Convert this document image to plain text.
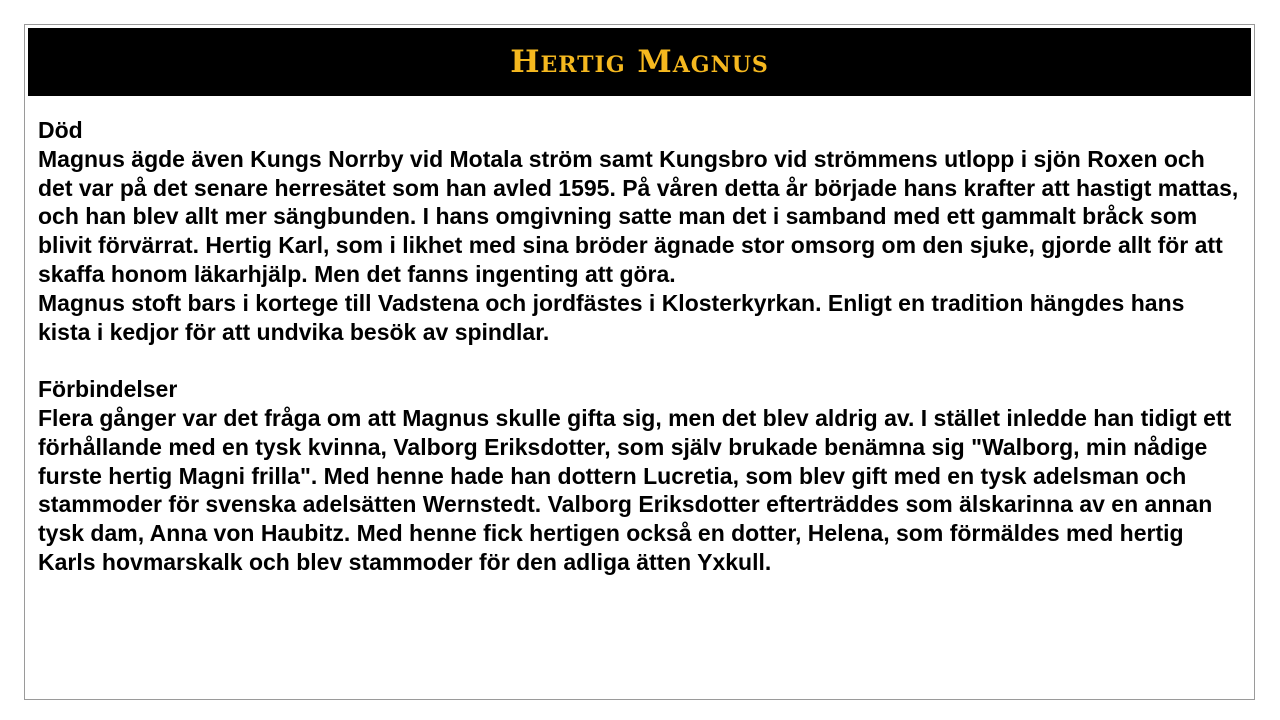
Hertig Magnus

Död

Magnus ägde även Kungs Norrby vid Motala ström samt Kungsbro vid strömmens utlopp i sjön Roxen och det var på det senare herresätet som han avled 1595. På våren detta år började hans krafter att hastigt mattas, och han blev allt mer sängbunden. I hans omgivning satte man det i samband med ett gammalt bråck som blivit förvärrat. Hertig Karl, som i likhet med sina bröder ägnade stor omsorg om den sjuke, gjorde allt för att skaffa honom läkarhjälp. Men det fanns ingenting att göra.

Magnus stoft bars i kortege till Vadstena och jordfästes i Klosterkyrkan. Enligt en tradition hängdes hans kista i kedjor för att undvika besök av spindlar.

Förbindelser

Flera gånger var det fråga om att Magnus skulle gifta sig, men det blev aldrig av. I stället inledde han tidigt ett förhållande med en tysk kvinna, Valborg Eriksdotter, som själv brukade benämna sig "Walborg, min nådige furste hertig Magni frilla". Med henne hade han dottern Lucretia, som blev gift med en tysk adelsman och stammoder för svenska adelsätten Wernstedt. Valborg Eriksdotter efterträddes som älskarinna av en annan tysk dam, Anna von Haubitz. Med henne fick hertigen också en dotter, Helena, som förmäldes med hertig Karls hovmarskalk och blev stammoder för den adliga ätten Yxkull.
